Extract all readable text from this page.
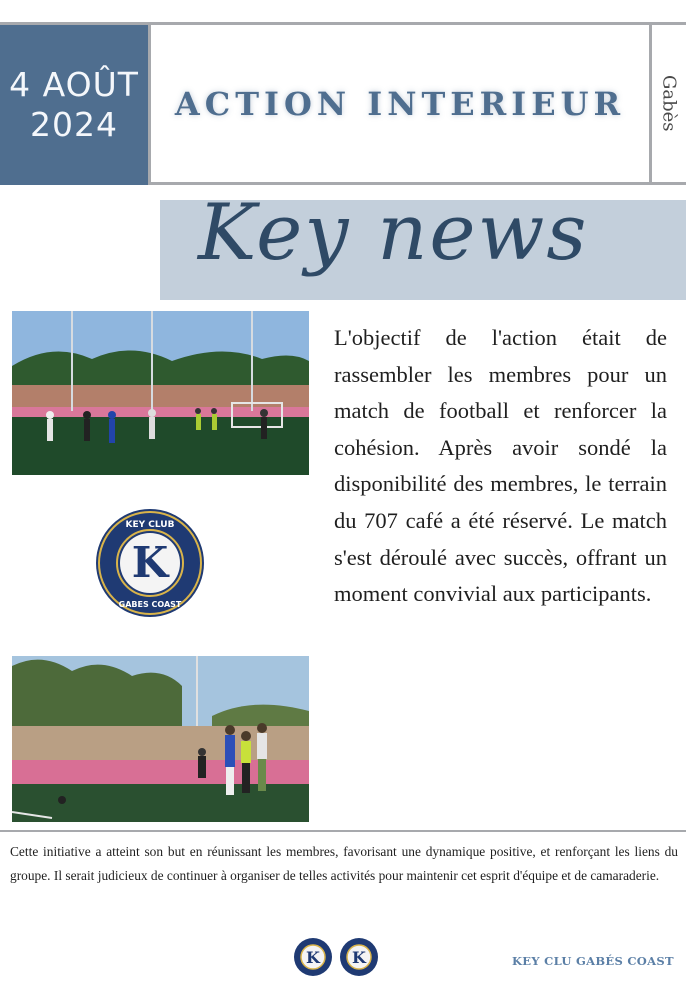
4 AOÛT
2024
ACTION INTERIEUR Gabès
Key news
K
KEY CLUB
GABES COAST
L'objectif de l'action était de rassembler les membres pour un match de football et renforcer la cohésion. Après avoir sondé la disponibilité des membres, le terrain du 707 café a été réservé. Le match s'est déroulé avec succès, offrant un moment convivial aux participants.
Cette initiative a atteint son but en réunissant les membres, favorisant une dynamique positive, et renforçant les liens du groupe. Il serait judicieux de continuer à organiser de telles activités pour maintenir cet esprit d'équipe et de camaraderie.
K K	KEY CLU GABÉS COAST
